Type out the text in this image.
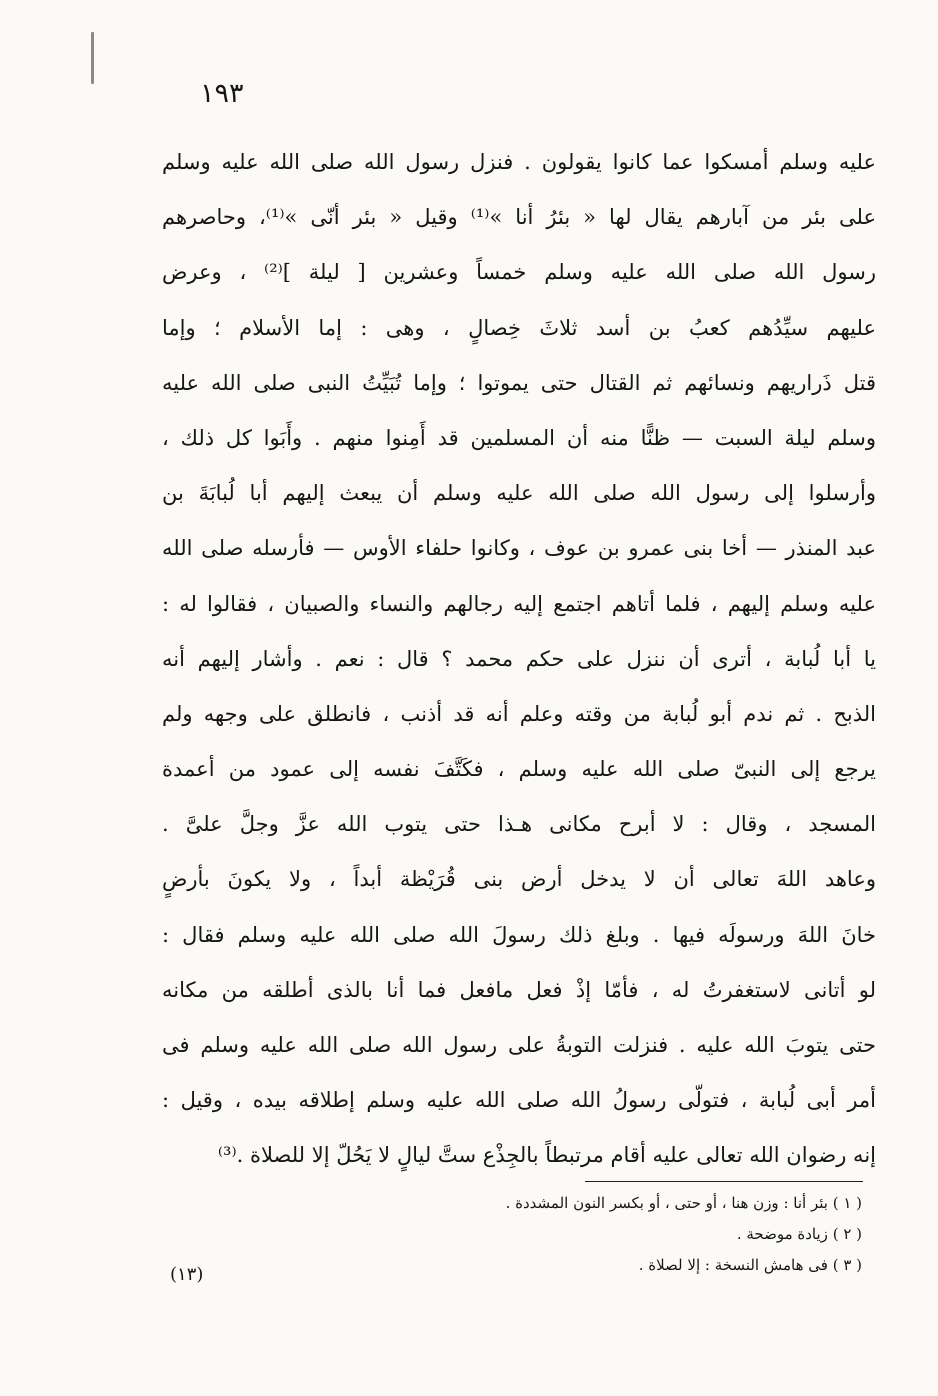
١٩٣
عليه وسلم أمسكوا عما كانوا يقولون . فنزل رسول الله صلى الله عليه وسلم
على بئر من آبارهم يقال لها « بئرُ أنا »⁽¹⁾ وقيل « بئر أنّى »⁽¹⁾، وحاصرهم
رسول الله صلى الله عليه وسلم خمساً وعشرين [ ليلة ]⁽²⁾ ، وعرض
عليهم سيِّدُهم كعبُ بن أسد ثلاثَ خِصالٍ ، وهى : إما الأسلام ؛ وإما
قتل ذَراريهم ونسائهم ثم القتال حتى يموتوا ؛ وإما تُبَيِّتُ النبى صلى الله عليه
وسلم ليلة السبت — ظنًّا منه أن المسلمين قد أَمِنوا منهم . وأَبَوا كل ذلك ،
وأرسلوا إلى رسول الله صلى الله عليه وسلم أن يبعث إليهم أبا لُبابَةَ بن
عبد المنذر — أخا بنى عمرو بن عوف ، وكانوا حلفاء الأوس — فأرسله صلى الله
عليه وسلم إليهم ، فلما أتاهم اجتمع إليه رجالهم والنساء والصبيان ، فقالوا له :
يا أبا لُبابة ، أترى أن ننزل على حكم محمد ؟ قال : نعم . وأشار إليهم أنه
الذبح . ثم ندم أبو لُبابة من وقته وعلم أنه قد أذنب ، فانطلق على وجهه ولم
يرجع إلى النبىّ صلى الله عليه وسلم ، فكَتَّفَ نفسه إلى عمود من أعمدة
المسجد ، وقال : لا أبرح مكانى هـذا حتى يتوب الله عزَّ وجلَّ علىَّ .
وعاهد اللهَ تعالى أن لا يدخل أرض بنى قُرَيْظة أبداً ، ولا يكونَ بأرضٍ
خانَ اللهَ ورسولَه فيها . وبلغ ذلك رسولَ الله صلى الله عليه وسلم فقال :
لو أتانى لاستغفرتُ له ، فأمّا إذْ فعل مافعل فما أنا بالذى أطلقه من مكانه
حتى يتوبَ الله عليه . فنزلت التوبةُ على رسول الله صلى الله عليه وسلم فى
أمر أبى لُبابة ، فتولّى رسولُ الله صلى الله عليه وسلم إطلاقه بيده ، وقيل :
إنه رضوان الله تعالى عليه أقام مرتبطاً بالجِذْع ستَّ ليالٍ لا يَحُلّ إلا للصلاة .⁽³⁾
( ١ ) بئر أنا : وزن هنا ، أو حتى ، أو بكسر النون المشددة .
( ٢ ) زيادة موضحة .
( ٣ ) فى هامش النسخة : إلا لصلاة .
(١٣)
